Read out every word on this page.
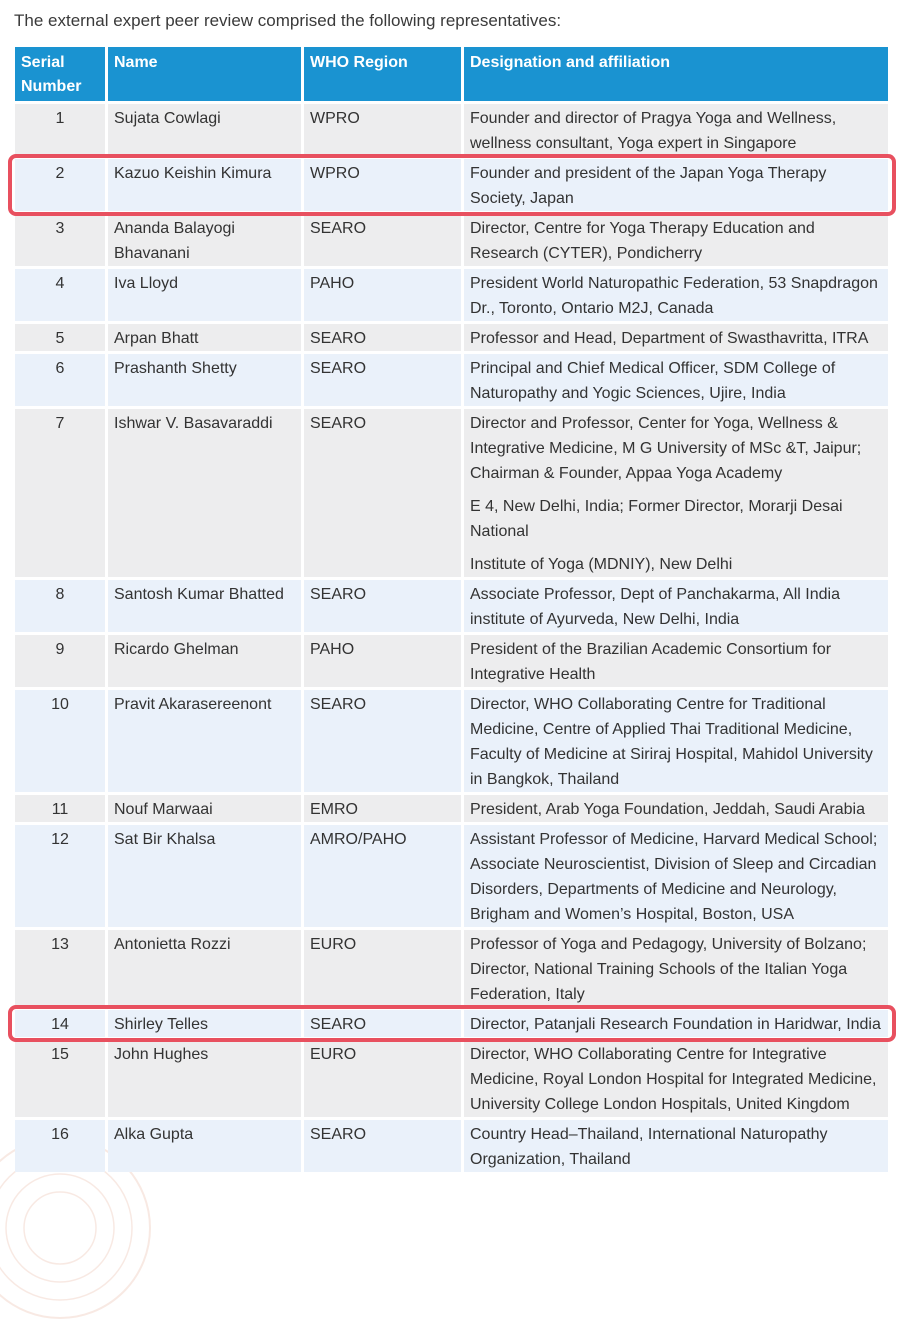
The external expert peer review comprised the following representatives:
Serial Number	Name	WHO Region	Designation and affiliation
1	Sujata Cowlagi	WPRO	Founder and director of Pragya Yoga and Wellness, wellness consultant, Yoga expert in Singapore

2	Kazuo Keishin Kimura	WPRO	Founder and president of the Japan Yoga Therapy Society, Japan

3	Ananda Balayogi Bhavanani	SEARO	Director, Centre for Yoga Therapy Education and Research (CYTER), Pondicherry

4	Iva Lloyd	PAHO	President World Naturopathic Federation, 53 Snapdragon Dr., Toronto, Ontario M2J, Canada

5	Arpan Bhatt	SEARO	Professor and Head, Department of Swasthavritta, ITRA

6	Prashanth Shetty	SEARO	Principal and Chief Medical Officer, SDM College of Naturopathy and Yogic Sciences, Ujire, India

7	Ishwar V. Basavaraddi	SEARO	Director and Professor, Center for Yoga, Wellness & Integrative Medicine, M G University of MSc &T, Jaipur; Chairman & Founder, Appaa Yoga Academy

E 4, New Delhi, India; Former Director, Morarji Desai National

Institute of Yoga (MDNIY), New Delhi

8	Santosh Kumar Bhatted	SEARO	Associate Professor, Dept of Panchakarma, All India institute of Ayurveda, New Delhi, India

9	Ricardo Ghelman	PAHO	President of the Brazilian Academic Consortium for Integrative Health

10	Pravit Akarasereenont	SEARO	Director, WHO Collaborating Centre for Traditional Medicine, Centre of Applied Thai Traditional Medicine, Faculty of Medicine at Siriraj Hospital, Mahidol University in Bangkok, Thailand

11	Nouf Marwaai	EMRO	President, Arab Yoga Foundation, Jeddah, Saudi Arabia

12	Sat Bir Khalsa	AMRO/PAHO	Assistant Professor of Medicine, Harvard Medical School; Associate Neuroscientist, Division of Sleep and Circadian Disorders, Departments of Medicine and Neurology, Brigham and Women’s Hospital, Boston, USA

13	Antonietta Rozzi	EURO	Professor of Yoga and Pedagogy, University of Bolzano; Director, National Training Schools of the Italian Yoga Federation, Italy

14	Shirley Telles	SEARO	Director, Patanjali Research Foundation in Haridwar, India

15	John Hughes	EURO	Director, WHO Collaborating Centre for Integrative Medicine, Royal London Hospital for Integrated Medicine, University College London Hospitals, United Kingdom

16	Alka Gupta	SEARO	Country Head–Thailand, International Naturopathy Organization, Thailand
